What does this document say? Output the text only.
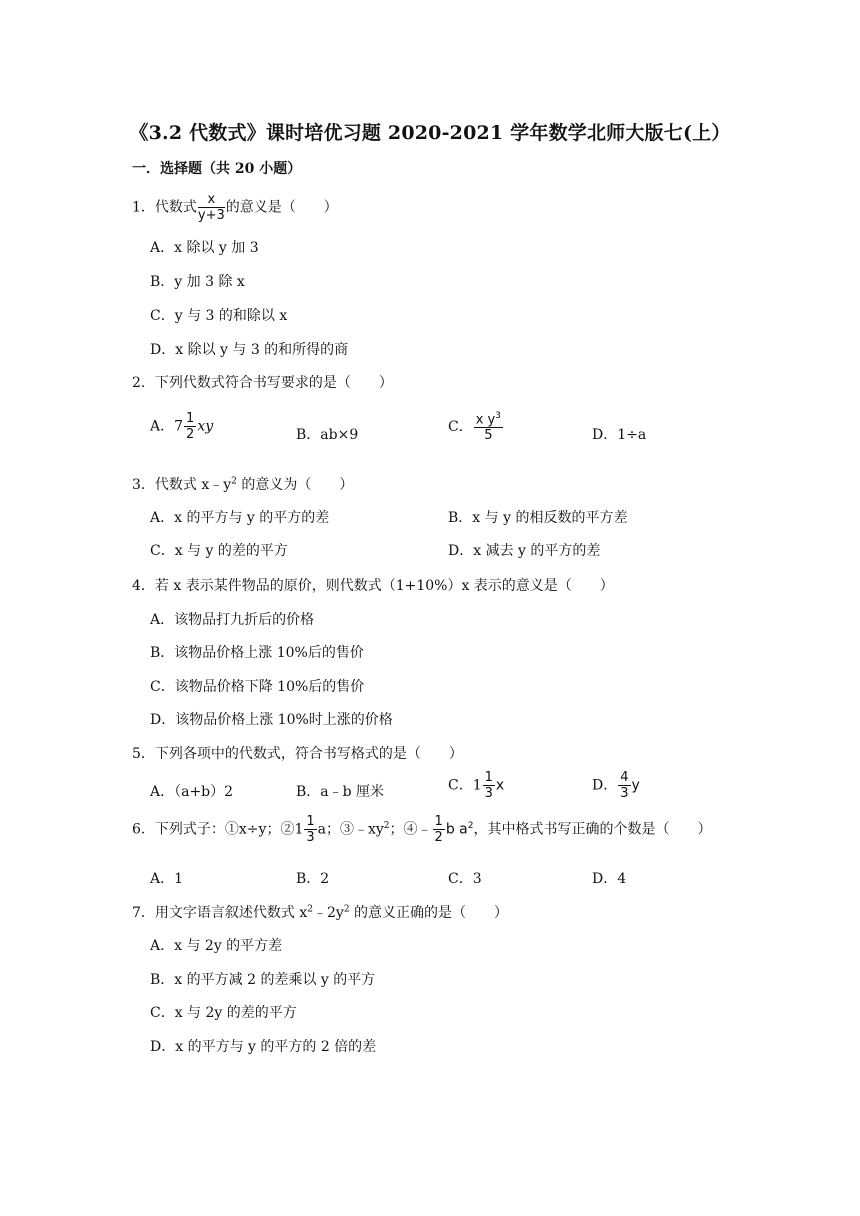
《3.2 代数式》课时培优习题 2020-2021 学年数学北师大版七(上）
一．选择题（共 20 小题）
1．代数式 $\frac{x}{y+3}$ 的意义是（　　）
A．x 除以 y 加 3
B．y 加 3 除 x
C．y 与 3 的和除以 x
D．x 除以 y 与 3 的和所得的商
2．下列代数式符合书写要求的是（　　）
A．$7 \frac{1}{2}$ xy
B．ab×9	C． $\frac{x y^3}{5}$	D．1÷a
3．代数式 $x﹣y^2$ 的意义为（　　）
A．x 的平方与 y 的平方的差	B．x 与 y 的相反数的平方差
C．x 与 y 的差的平方	D．x 减去 y 的平方的差
4．若 x 表示某件物品的原价，则代数式（1+10%）x 表示的意义是（　　）
A．该物品打九折后的价格
B．该物品价格上涨 10%后的售价
C．该物品价格下降 10%后的售价
D．该物品价格上涨 10%时上涨的价格
5．下列各项中的代数式，符合书写格式的是（　　）
A．（a+b）2	B．a﹣b 厘米	C．$1 \frac{1}{3}$ x	D． $\frac{4}{3}$ y
6．下列式子：①x÷y；②1 $\frac{1}{3}$ a；$③﹣xy^2$；④﹣ $\frac{1}{2}$ b $a^2$，其中格式书写正确的个数是（　　）
A．1	B．2	C．3	D．4
7．用文字语言叙述代数式 $x^2﹣2y^2$ 的意义正确的是（　　）
A．x 与 2y 的平方差
B．x 的平方减 2 的差乘以 y 的平方
C．x 与 2y 的差的平方
D．x 的平方与 y 的平方的 2 倍的差
